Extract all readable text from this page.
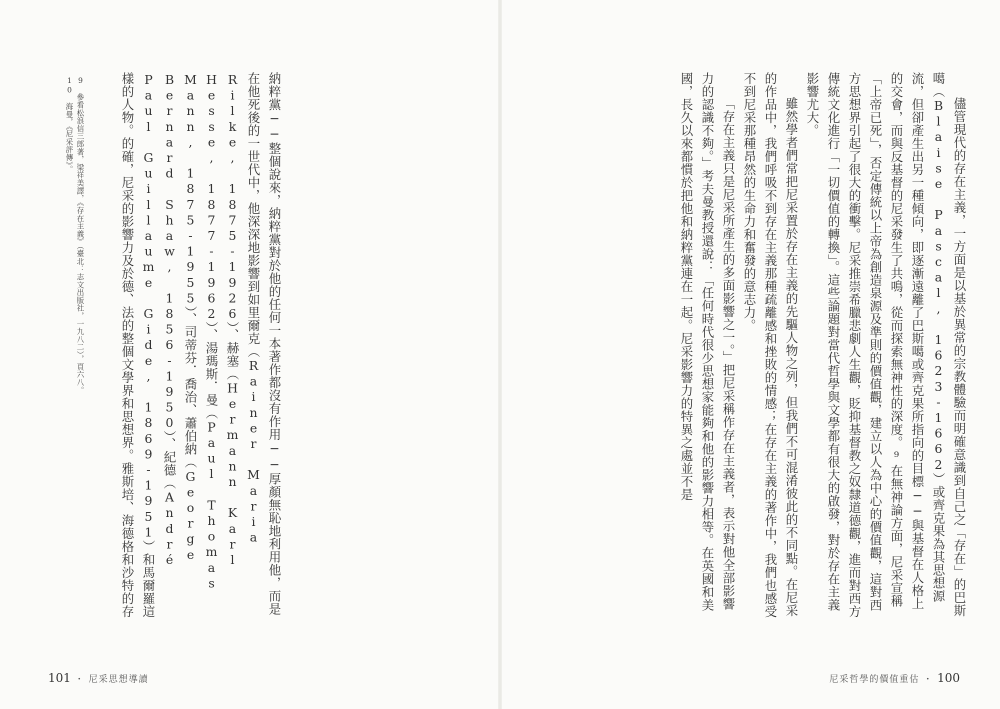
9　參看松浪信三郎著，梁祥美譯，《存在主義》（臺北：志文出版社，一九八二），頁六八。

10　海曼，《尼采評傳》。	納粹黨──整個說來，納粹黨對於他的任何一本著作都沒有作用──厚顏無恥地利用他，而是在他死後的一世代中，他深深地影響到如里爾克（Rainer Maria Rilke, 1875-1926）、赫塞（Hermann Karl Hesse, 1877-1962）、湯瑪斯．曼（Paul Thomas Mann, 1875-1955）、司蒂芬．喬治、蕭伯納（George Bernard Shaw, 1856-1950）、紀德（André Paul Guillaume Gide, 1869-1951）和馬爾羅這樣的人物。的確，尼采的影響力及於德、法的整個文學界和思想界。雅斯培、海德格和沙特的存

101 ・ 尼采思想導讀

儘管現代的存在主義，一方面是以基於異常的宗教體驗而明確意識到自己之「存在」的巴斯噶（Blaise Pascal, 1623-1662）或齊克果為其思想源流，但卻產生出另一種傾向，即逐漸遠離了巴斯噶或齊克果所指向的目標──與基督在人格上的交會，而與反基督的尼采發生了共鳴，從而探索無神性的深度。⁹在無神論方面，尼采宣稱「上帝已死」，否定傳統以上帝為創造泉源及準則的價值觀，建立以人為中心的價值觀，這對西方思想界引起了很大的衝擊。尼采推崇希臘悲劇人生觀，貶抑基督教之奴隸道德觀，進而對西方傳統文化進行「一切價值的轉換」。這些論題對當代哲學與文學都有很大的啟發，對於存在主義影響尤大。

雖然學者們常把尼采置於存在主義的先驅人物之列，但我們不可混淆彼此的不同點。在尼采的作品中，我們呼吸不到存在主義那種疏離感和挫敗的情感；在存在主義的著作中，我們也感受不到尼采那種昂然的生命力和奮發的意志力。

「存在主義只是尼采所產生的多面影響之一。」把尼采稱作存在主義者，表示對他全部影響力的認識不夠。」考夫曼教授還說：「任何時代很少思想家能夠和他的影響力相等。在英國和美國，長久以來都慣於把他和納粹黨連在一起。尼采影響力的特異之處並不是

尼采哲學的價值重估 ・ 100
